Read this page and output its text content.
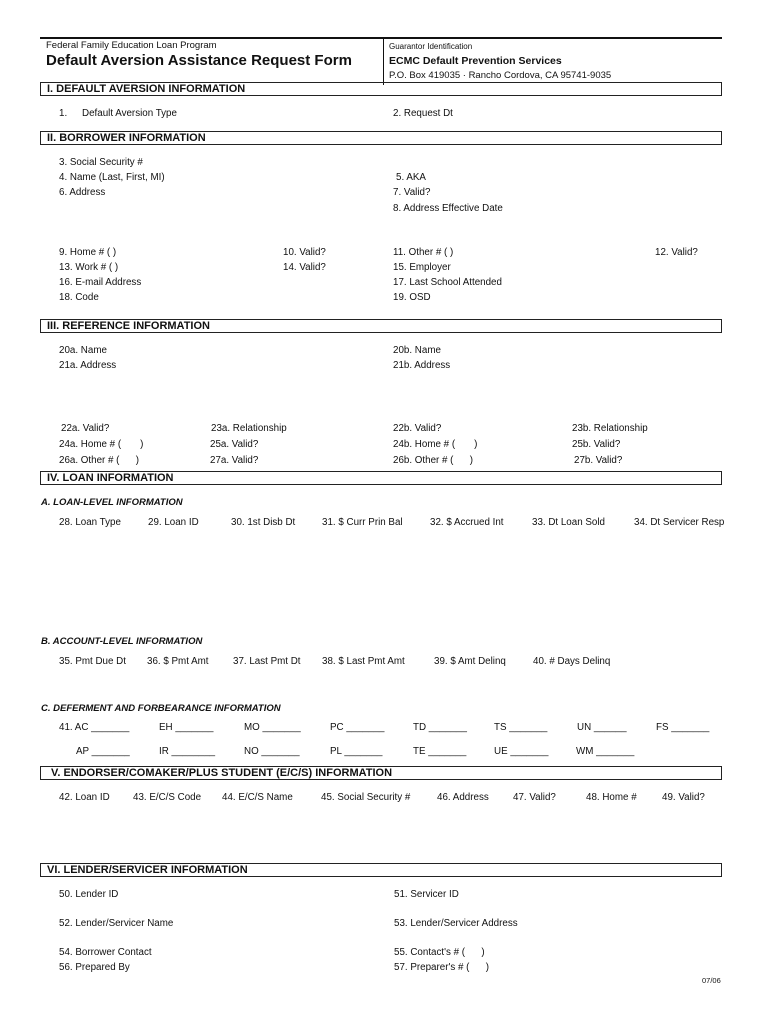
Federal Family Education Loan Program
Default Aversion Assistance Request Form
Guarantor Identification
ECMC Default Prevention Services
P.O. Box 419035 · Rancho Cordova, CA 95741-9035
I. DEFAULT AVERSION INFORMATION
1. Default Aversion Type	2. Request Dt
II. BORROWER INFORMATION
3. Social Security #
4. Name (Last, First, MI)	5. AKA
6. Address	7. Valid?
8. Address Effective Date
9. Home # ( )	10. Valid?	11. Other # ( )	12. Valid?
13. Work # ( )	14. Valid?	15. Employer
16. E-mail Address	17. Last School Attended
18. Code	19. OSD
III. REFERENCE INFORMATION
20a. Name	20b. Name
21a. Address	21b. Address
22a. Valid?	23a. Relationship	22b. Valid?	23b. Relationship
24a. Home # (       )	25a. Valid?	24b. Home # (       )	25b. Valid?
26a. Other # (      )	27a. Valid?	26b. Other # (      )	27b. Valid?
IV. LOAN INFORMATION
A. LOAN-LEVEL INFORMATION
28. Loan Type	29. Loan ID	30. 1st Disb Dt	31. $ Curr Prin Bal	32. $ Accrued Int	33. Dt Loan Sold	34. Dt Servicer Resp
B. ACCOUNT-LEVEL INFORMATION
35. Pmt Due Dt 36. $ Pmt Amt 37. Last Pmt Dt 38. $ Last Pmt Amt	39. $ Amt Delinq	40. # Days Delinq
C. DEFERMENT AND FORBEARANCE INFORMATION
41. AC _______	EH _______	MO _______	PC _______	TD _______	TS _______	UN ______	FS _______
AP _______	IR ________	NO _______	PL _______	TE _______	UE _______	WM _______
V. ENDORSER/COMAKER/PLUS STUDENT (E/C/S) INFORMATION
42. Loan ID 43. E/C/S Code 44. E/C/S Name	45. Social Security #	46. Address 47. Valid?	48. Home #	49. Valid?
VI. LENDER/SERVICER INFORMATION
50. Lender ID	51. Servicer ID
52. Lender/Servicer Name	53. Lender/Servicer Address
54. Borrower Contact	55. Contact's # (      )
56. Prepared By	57. Preparer's # (      )
07/06
